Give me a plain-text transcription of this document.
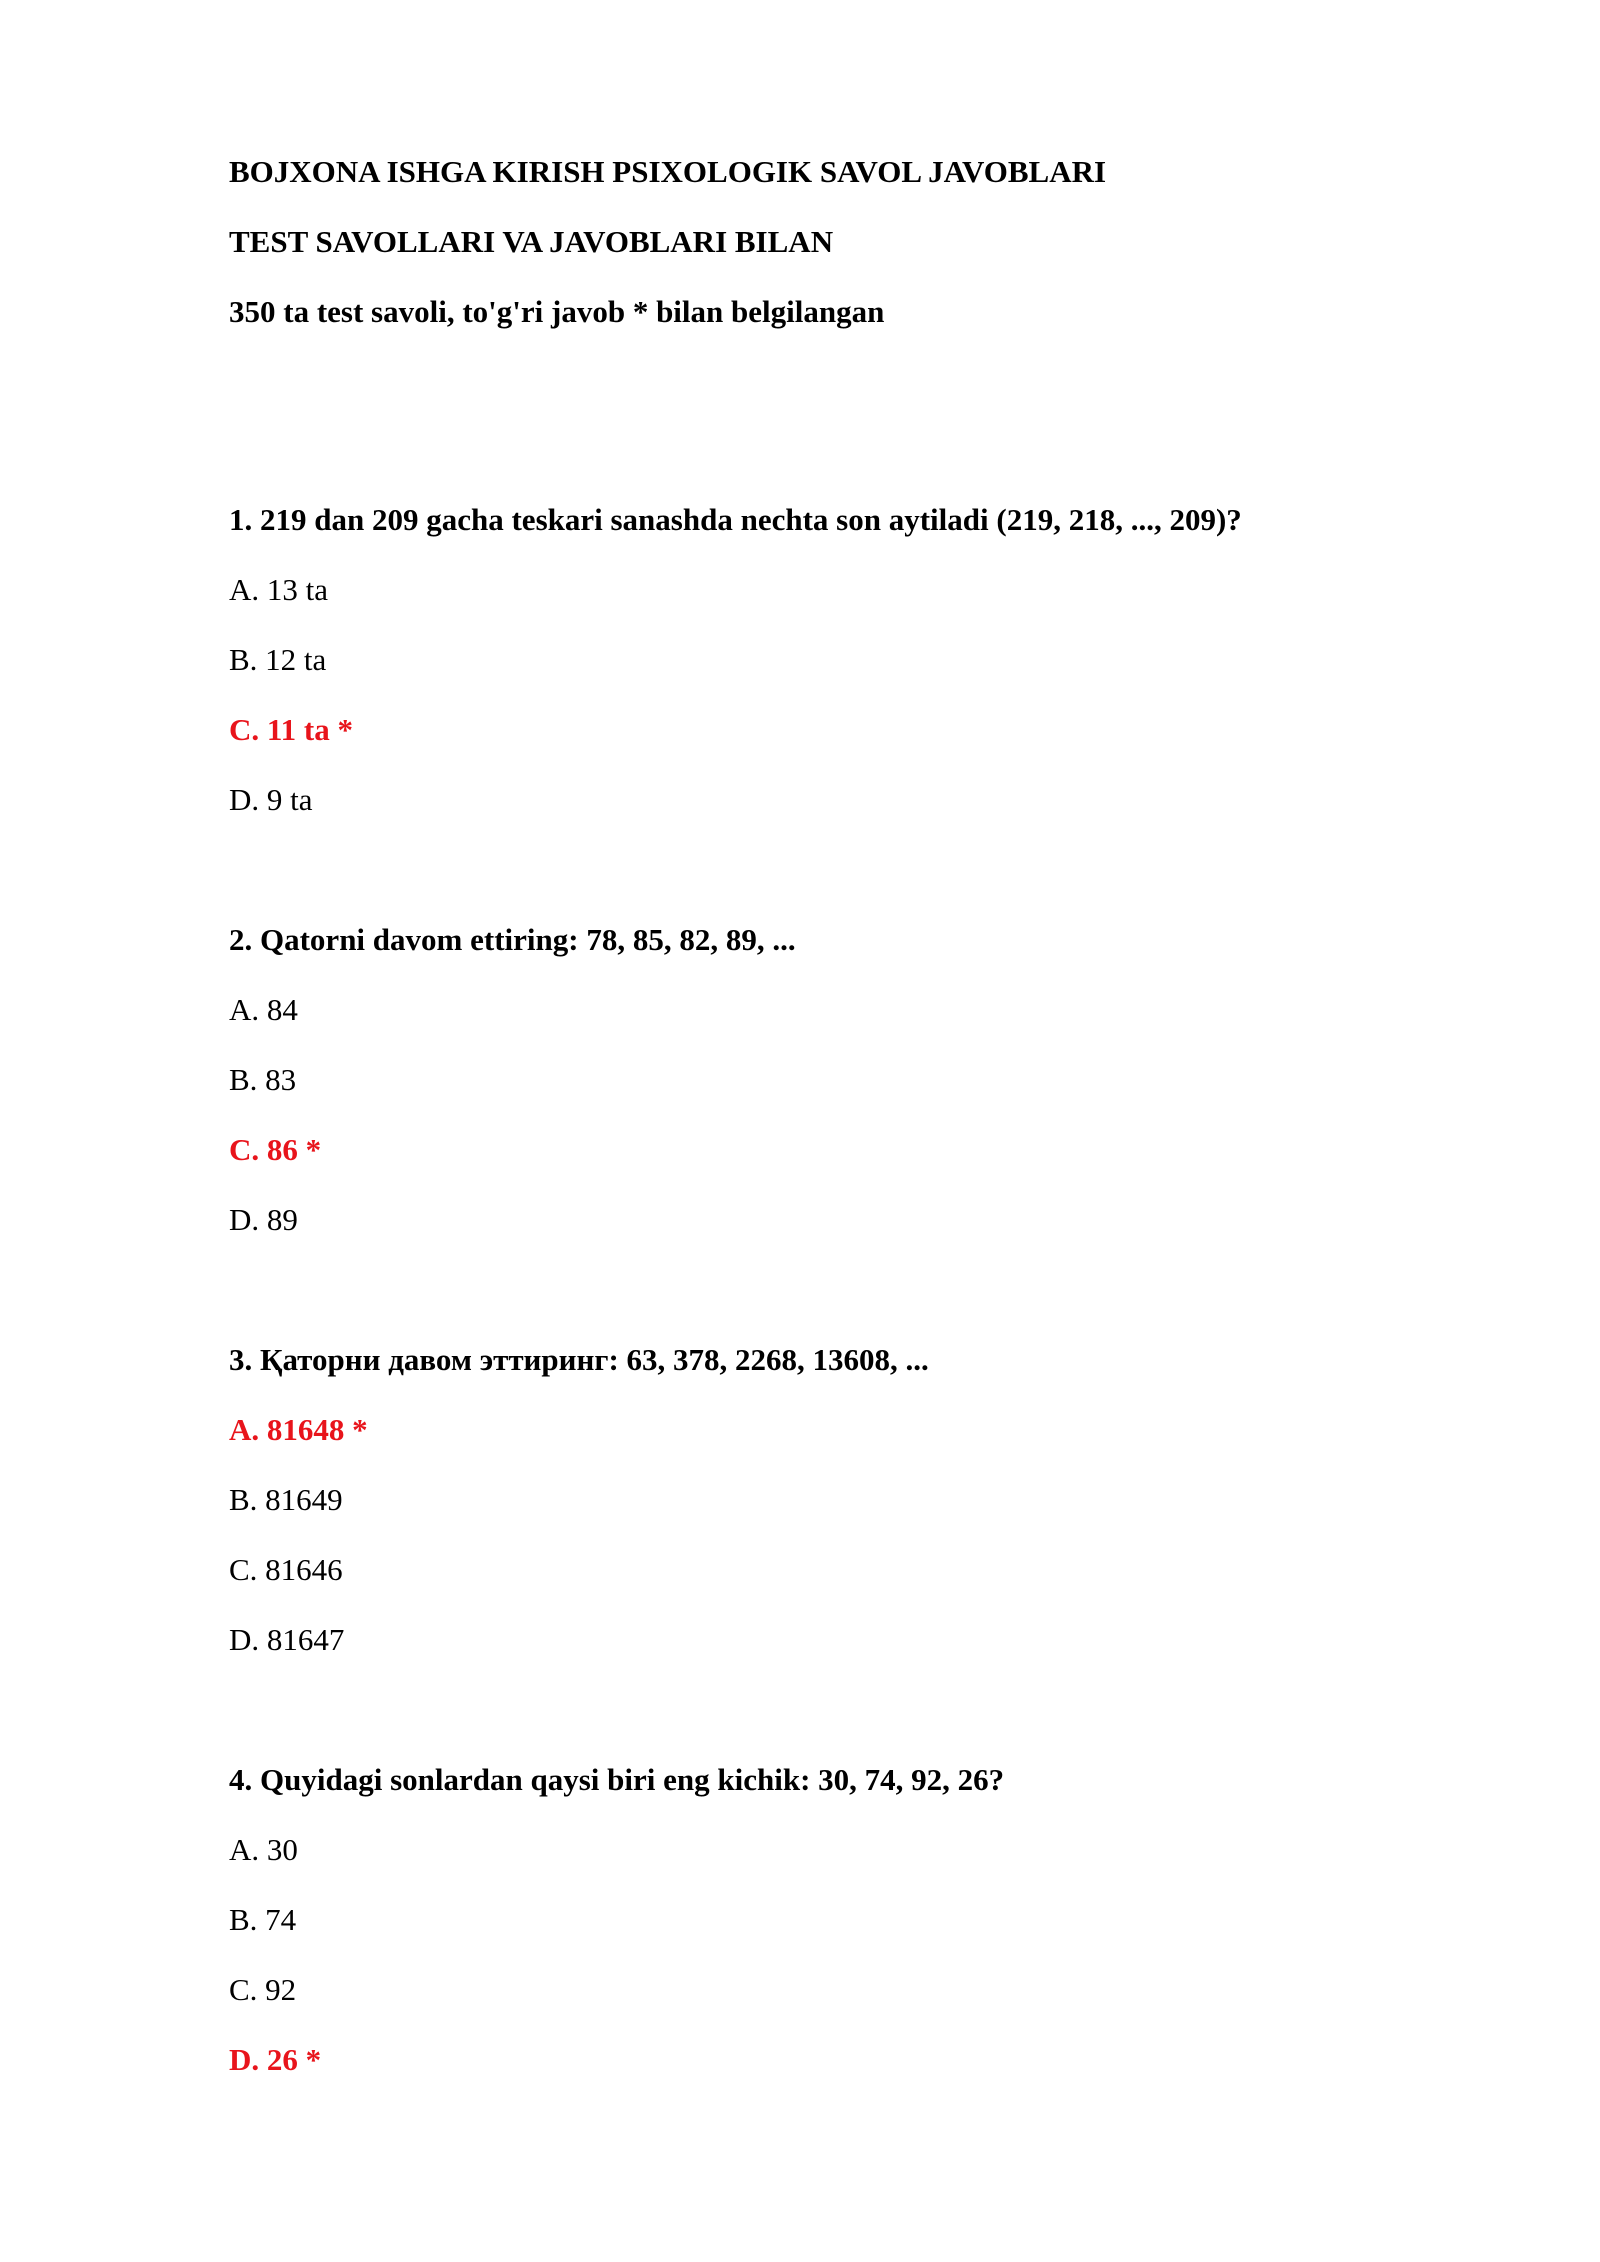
BOJXONA ISHGA KIRISH PSIXOLOGIK SAVOL JAVOBLARI
TEST SAVOLLARI VA JAVOBLARI BILAN
350 ta test savoli, to'g'ri javob * bilan belgilangan
1. 219 dan 209 gacha teskari sanashda nechta son aytiladi (219, 218, ..., 209)?
A. 13 ta
B. 12 ta
C. 11 ta *
D. 9 ta
2. Qatorni davom ettiring: 78, 85, 82, 89, ...
A. 84
B. 83
C. 86 *
D. 89
3. Қаторни давом эттиринг: 63, 378, 2268, 13608, ...
A. 81648 *
B. 81649
C. 81646
D. 81647
4. Quyidagi sonlardan qaysi biri eng kichik: 30, 74, 92, 26?
A. 30
B. 74
C. 92
D. 26 *
